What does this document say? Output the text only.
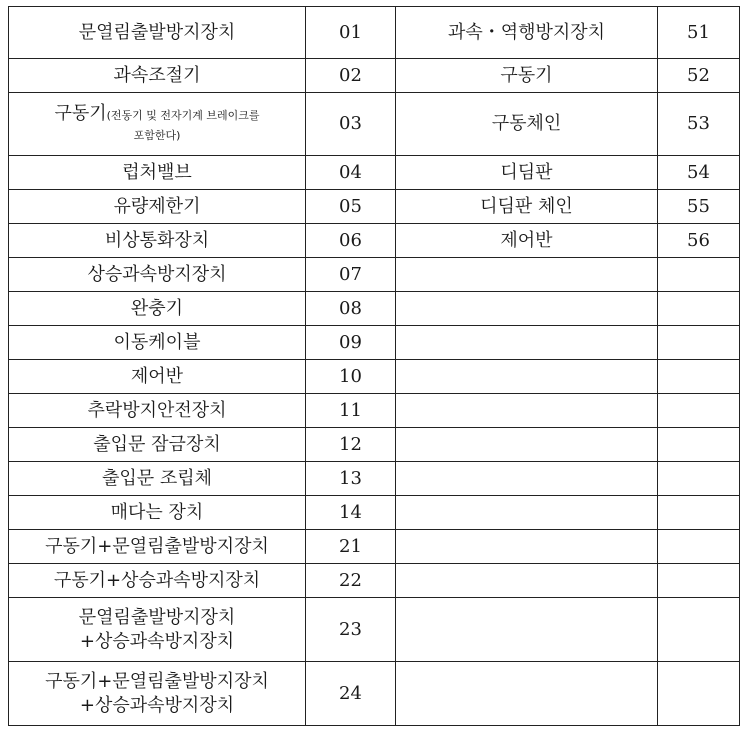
문열림출발방지장치	01	과속・역행방지장치	51
과속조절기	02	구동기	52

구동기(전동기 및 전자기계 브레이크를
포함한다)	03	구동체인	53
럽처밸브	04	디딤판	54
유량제한기	05	디딤판 체인	55
비상통화장치	06	제어반	56
상승과속방지장치	07		
완충기	08		
이동케이블	09		
제어반	10		
추락방지안전장치	11		
출입문 잠금장치	12		
출입문 조립체	13		
매다는 장치	14		
구동기+문열림출발방지장치	21		
구동기+상승과속방지장치	22		

문열림출발방지장치
+상승과속방지장치	23		

구동기+문열림출발방지장치
+상승과속방지장치	24		
